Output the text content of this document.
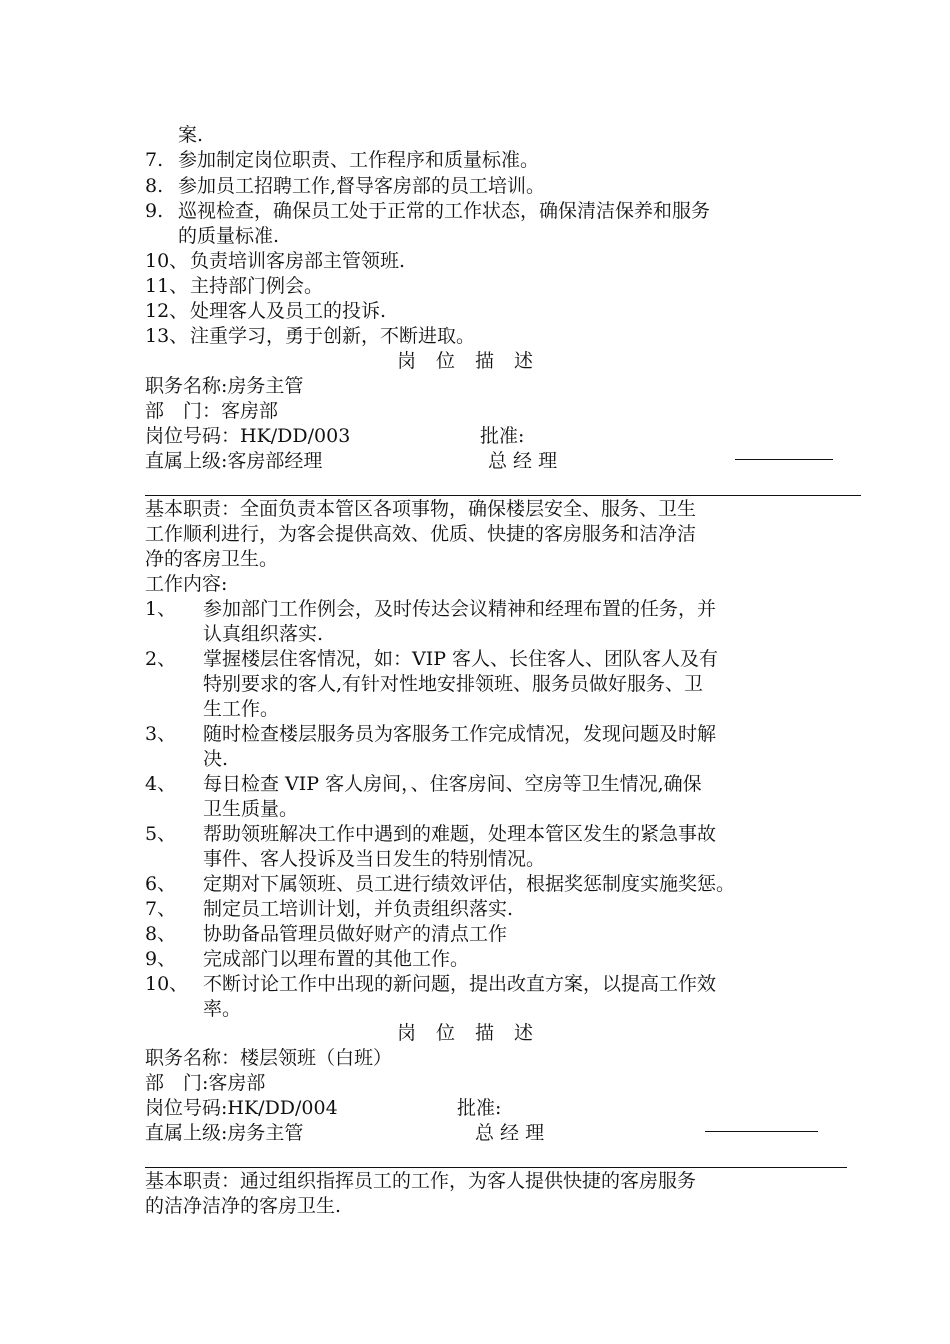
案.
7. 参加制定岗位职责、工作程序和质量标准。
8. 参加员工招聘工作,督导客房部的员工培训。
9. 巡视检查，确保员工处于正常的工作状态，确保清洁保养和服务
的质量标准.
10、 负责培训客房部主管领班.
11、 主持部门例会。
12、 处理客人及员工的投诉.
13、 注重学习，勇于创新，不断进取。
岗位描述
职务名称:房务主管
部　门：客房部
岗位号码：HK/DD/003	批准:
直属上级:客房部经理	总 经 理
基本职责：全面负责本管区各项事物，确保楼层安全、服务、卫生
工作顺利进行，为客会提供高效、优质、快捷的客房服务和洁净洁
净的客房卫生。
工作内容:
1、 参加部门工作例会，及时传达会议精神和经理布置的任务，并
认真组织落实.
2、 掌握楼层住客情况，如：VIP 客人、长住客人、团队客人及有
特别要求的客人,有针对性地安排领班、服务员做好服务、卫
生工作。
3、 随时检查楼层服务员为客服务工作完成情况，发现问题及时解
决.
4、 每日检查 VIP 客人房间，、住客房间、空房等卫生情况,确保
卫生质量。
5、 帮助领班解决工作中遇到的难题，处理本管区发生的紧急事故
事件、客人投诉及当日发生的特别情况。
6、 定期对下属领班、员工进行绩效评估，根据奖惩制度实施奖惩。
7、 制定员工培训计划，并负责组织落实.
8、 协助备品管理员做好财产的清点工作
9、 完成部门以理布置的其他工作。
10、 不断讨论工作中出现的新问题，提出改直方案，以提高工作效
率。
岗位描述
职务名称：楼层领班（白班）
部　门:客房部
岗位号码:HK/DD/004	批准:
直属上级:房务主管	总 经 理
基本职责：通过组织指挥员工的工作，为客人提供快捷的客房服务
的洁净洁净的客房卫生.
